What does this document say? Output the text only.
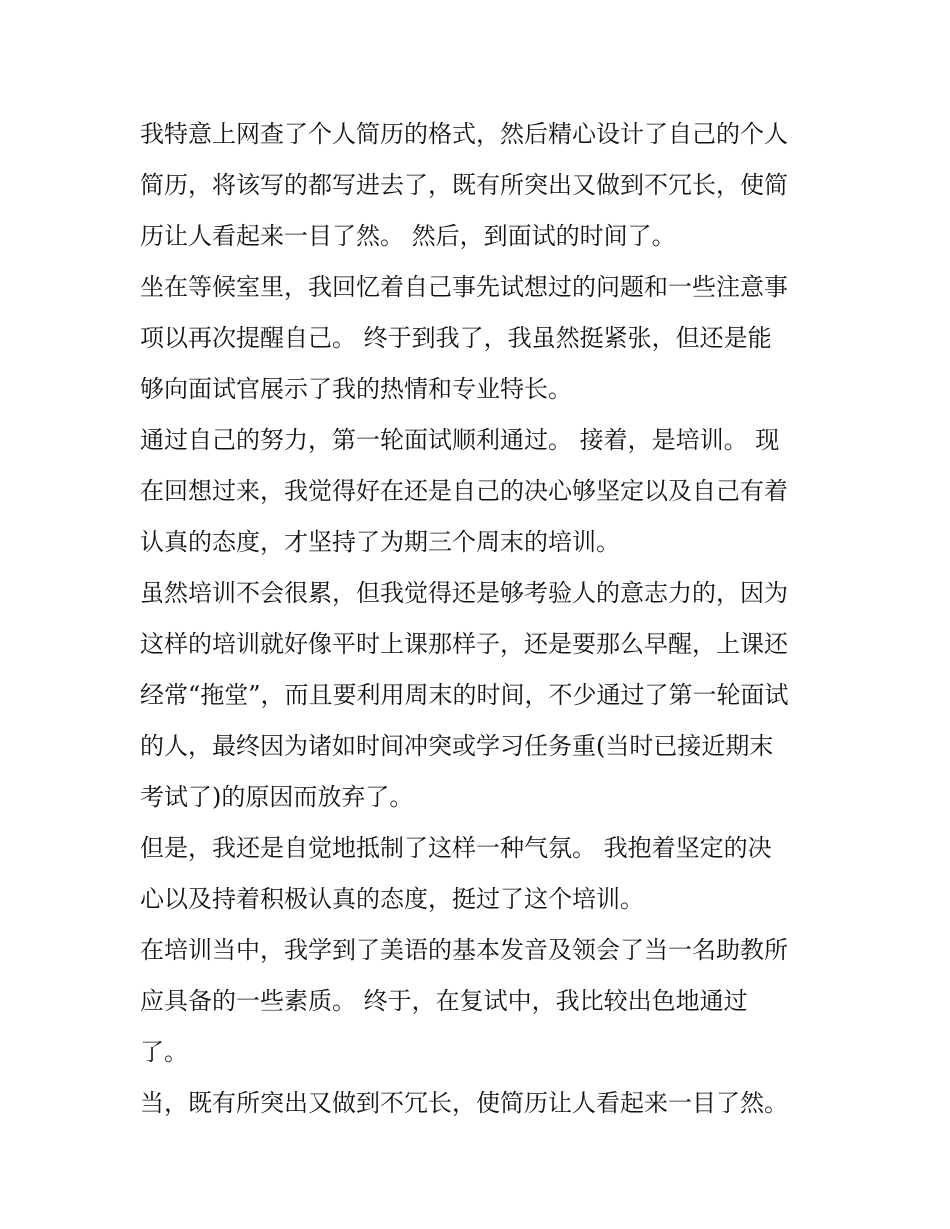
我特意上网查了个人简历的格式，然后精心设计了自己的个人
简历，将该写的都写进去了，既有所突出又做到不冗长，使简
历让人看起来一目了然。 然后，到面试的时间了。

坐在等候室里，我回忆着自己事先试想过的问题和一些注意事
项以再次提醒自己。 终于到我了，我虽然挺紧张，但还是能
够向面试官展示了我的热情和专业特长。

通过自己的努力，第一轮面试顺利通过。 接着，是培训。 现
在回想过来，我觉得好在还是自己的决心够坚定以及自己有着
认真的态度，才坚持了为期三个周末的培训。

虽然培训不会很累，但我觉得还是够考验人的意志力的，因为
这样的培训就好像平时上课那样子，还是要那么早醒，上课还
经常“拖堂”，而且要利用周末的时间，不少通过了第一轮面试
的人，最终因为诸如时间冲突或学习任务重(当时已接近期末
考试了)的原因而放弃了。

但是，我还是自觉地抵制了这样一种气氛。 我抱着坚定的决
心以及持着积极认真的态度，挺过了这个培训。

在培训当中，我学到了美语的基本发音及领会了当一名助教所
应具备的一些素质。 终于，在复试中，我比较出色地通过
了。

当，既有所突出又做到不冗长，使简历让人看起来一目了然。
